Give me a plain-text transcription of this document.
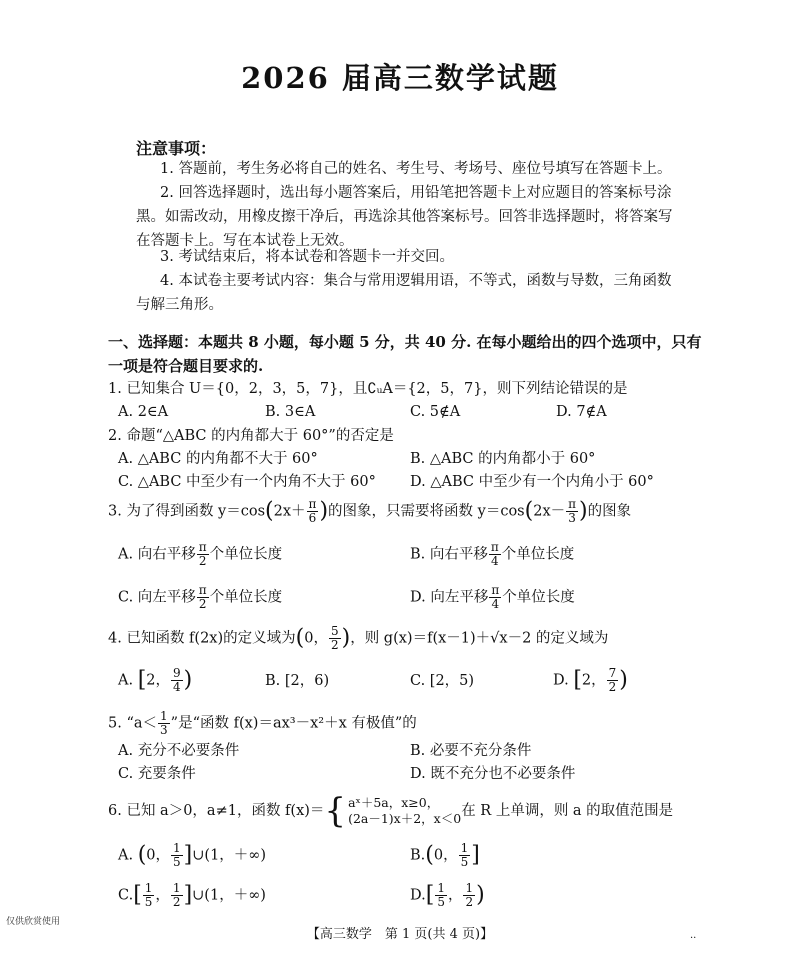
2026 届高三数学试题
注意事项：
1. 答题前，考生务必将自己的姓名、考生号、考场号、座位号填写在答题卡上。
2. 回答选择题时，选出每小题答案后，用铅笔把答题卡上对应题目的答案标号涂黑。如需改动，用橡皮擦干净后，再选涂其他答案标号。回答非选择题时，将答案写在答题卡上。写在本试卷上无效。
3. 考试结束后，将本试卷和答题卡一并交回。
4. 本试卷主要考试内容：集合与常用逻辑用语，不等式，函数与导数，三角函数与解三角形。
一、选择题：本题共 8 小题，每小题 5 分，共 40 分. 在每小题给出的四个选项中，只有一项是符合题目要求的.
1. 已知集合 U＝{0，2，3，5，7}，且∁ᵤA＝{2，5，7}，则下列结论错误的是
A. 2∈A	B. 3∈A	C. 5∉A	D. 7∉A
2. 命题“△ABC 的内角都大于 60°”的否定是
A. △ABC 的内角都不大于 60°	B. △ABC 的内角都小于 60°
C. △ABC 中至少有一个内角不大于 60° D. △ABC 中至少有一个内角小于 60°
3. 为了得到函数 $y=\cos(2x+ \frac{\pi}{6}$ )的图象，只需要将函数 $y=\cos(2x- \frac{\pi}{3}$ )的图象
A. 向右平移 $\frac{\pi}{2}$ 个单位长度	B. 向右平移 $\frac{\pi}{4}$ 个单位长度
C. 向左平移 $\frac{\pi}{2}$ 个单位长度	D. 向左平移 $\frac{\pi}{4}$ 个单位长度
4. 已知函数 f(2x)的定义域为(0， $\frac{5}{2}$ )，则 g(x)＝f(x－1)＋√x－2 的定义域为
A. [2， $\frac{9}{4}$ )	B. [2，6)	C. [2，5)	D. [2， $\frac{7}{2}$ )
5. “$a< \frac{1}{3}$ ”是“函数 f(x)＝ax³－x²＋x 有极值”的
A. 充分不必要条件	B. 必要不充分条件
C. 充要条件	D. 既不充分也不必要条件
6. 已知 a＞0，a≠1，函数 f(x)＝{ aˣ＋5a，x≥0，
(2a－1)x＋2，x＜0 在 R 上单调，则 a 的取值范围是
A. (0， $\frac{1}{5}$ ]∪(1，＋∞)	B.(0， $\frac{1}{5}$ ]
$C.[ \frac{1}{5}$ ， $\frac{1}{2}$ ]∪(1，＋∞)	$D.[ \frac{1}{5}$ ， $\frac{1}{2}$ )
仅供欣赏使用
【高三数学　第 1 页(共 4 页)】	..
